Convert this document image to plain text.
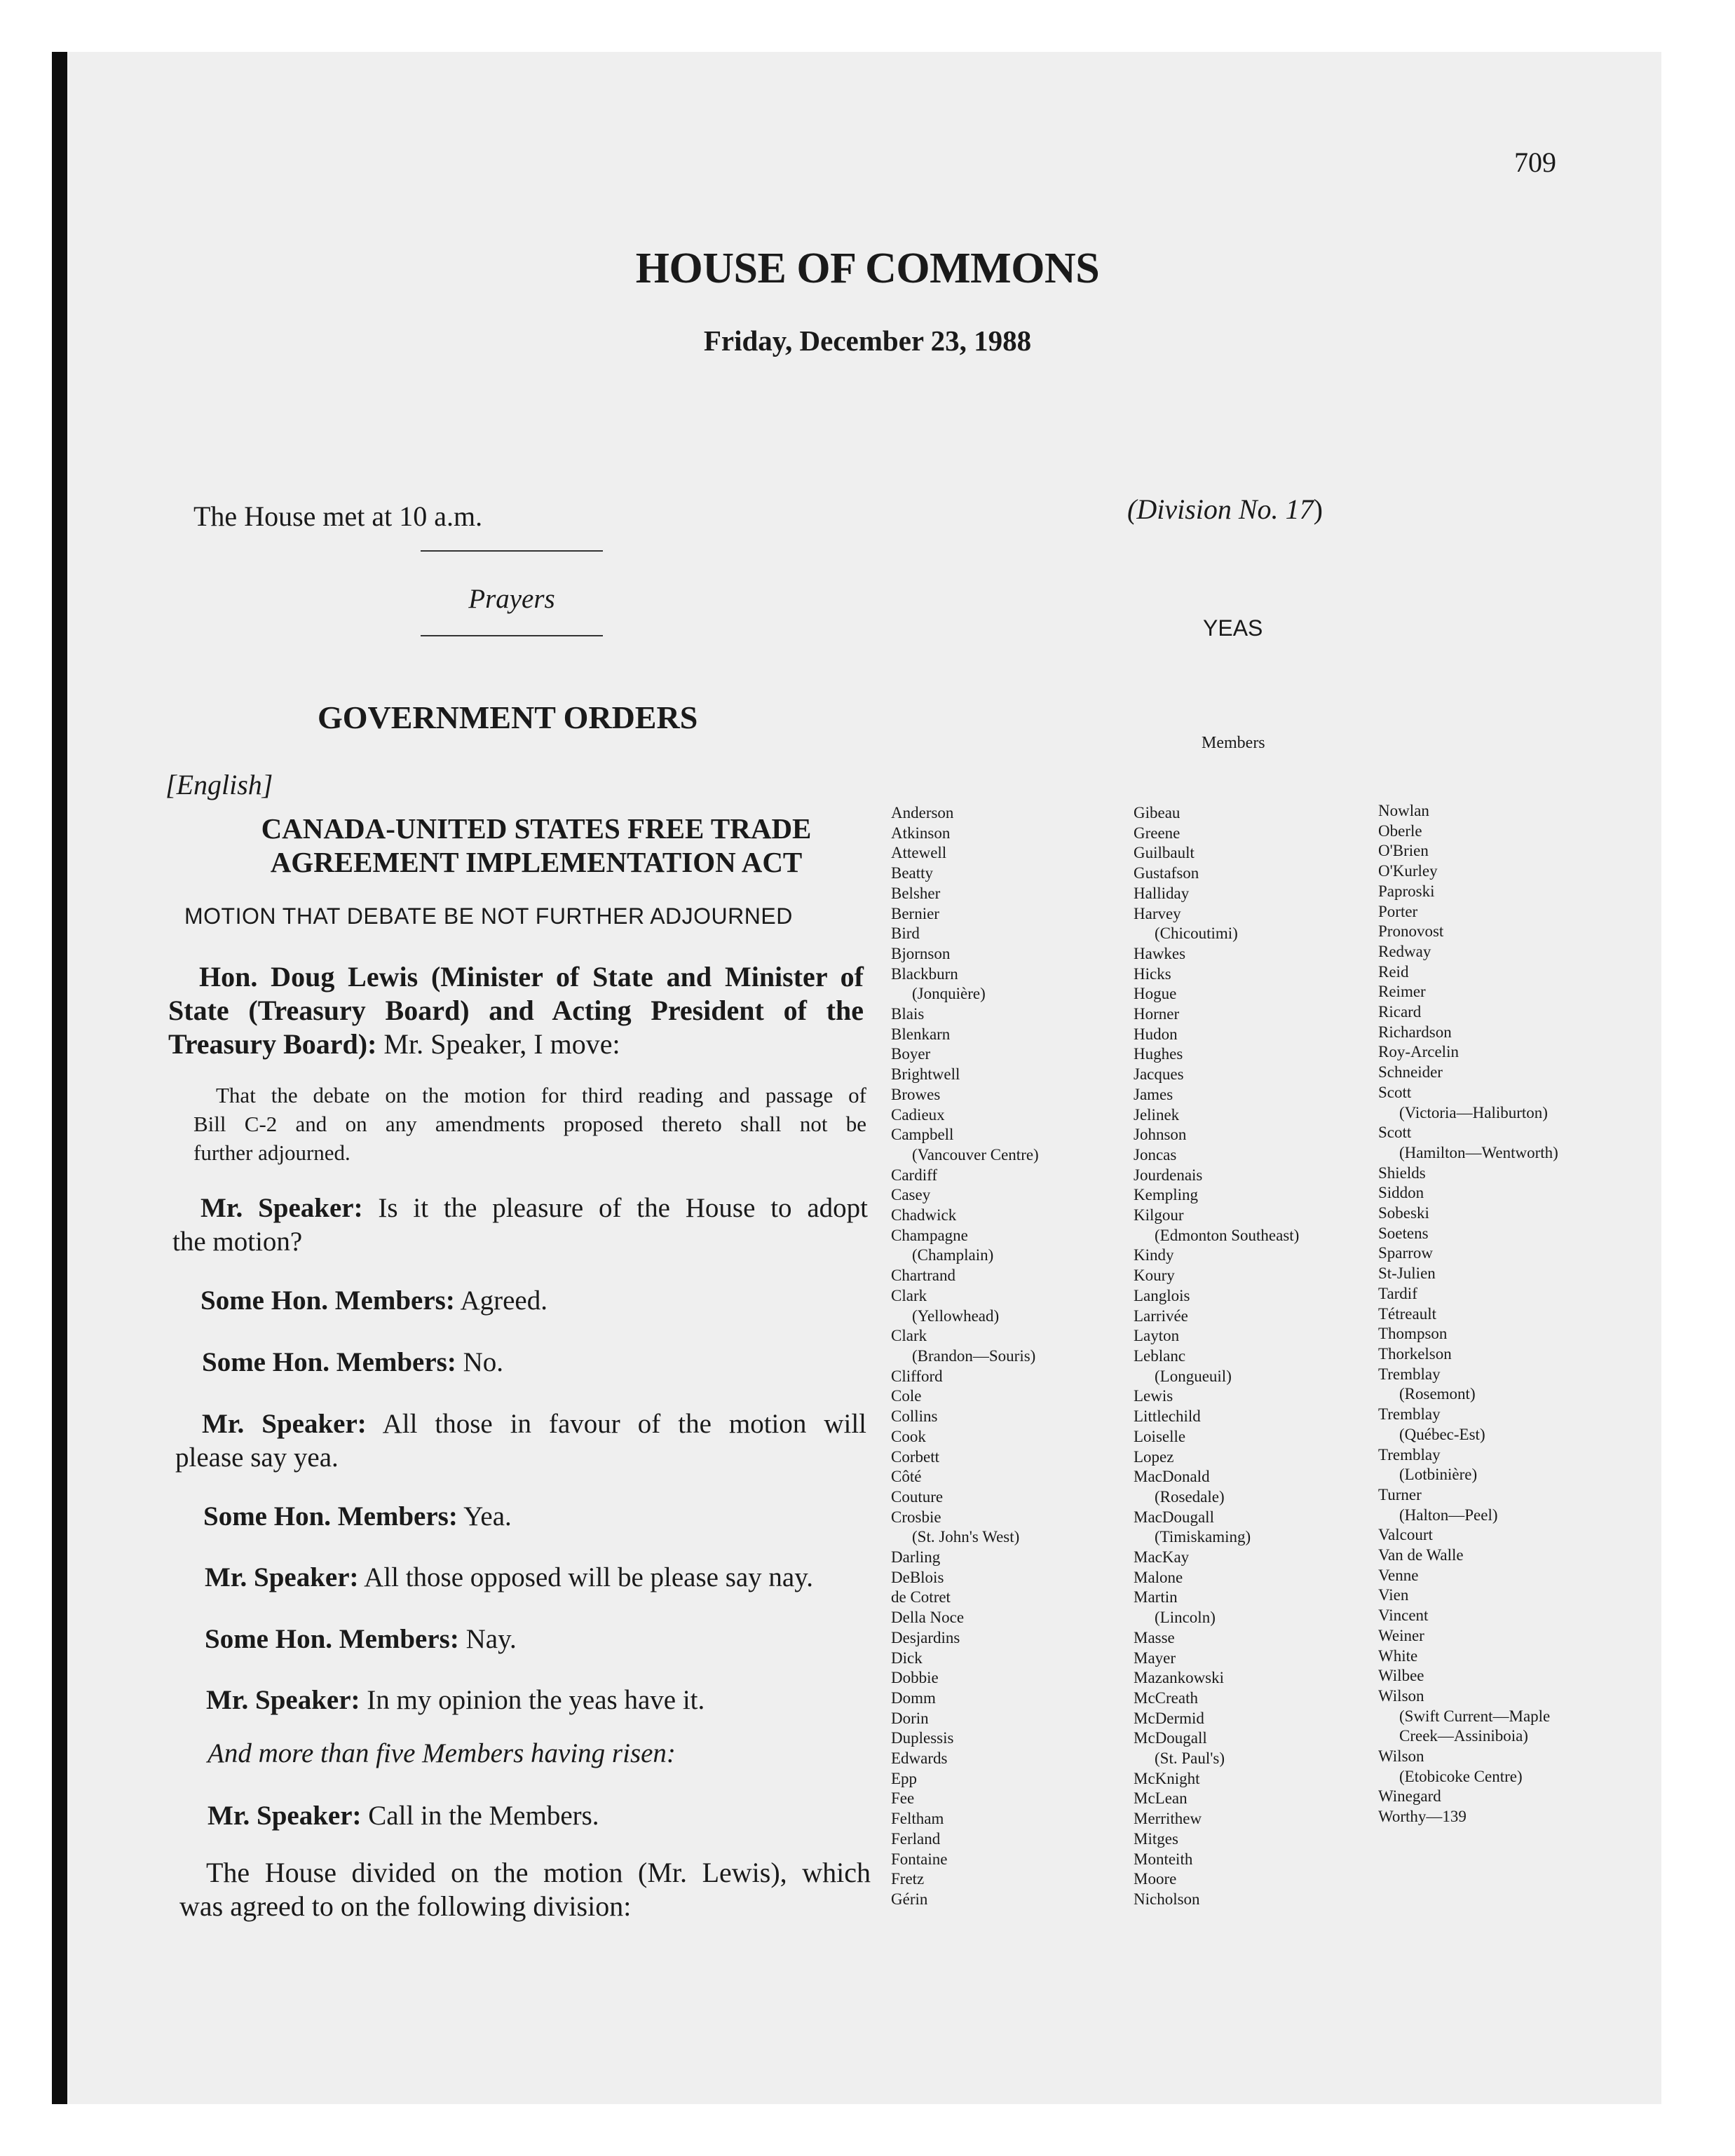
709
HOUSE OF COMMONS
Friday, December 23, 1988
The House met at 10 a.m.
Prayers
GOVERNMENT ORDERS
[English]
CANADA-UNITED STATES FREE TRADE
AGREEMENT IMPLEMENTATION ACT
MOTION THAT DEBATE BE NOT FURTHER ADJOURNED
Hon. Doug Lewis (Minister of State and Minister of
State (Treasury Board) and Acting President of the
Treasury Board): Mr. Speaker, I move:
That the debate on the motion for third reading and passage of
Bill C-2 and on any amendments proposed thereto shall not be
further adjourned.
Mr. Speaker: Is it the pleasure of the House to adopt
the motion?
Some Hon. Members: Agreed.
Some Hon. Members: No.
Mr. Speaker: All those in favour of the motion will
please say yea.
Some Hon. Members: Yea.
Mr. Speaker: All those opposed will be please say nay.
Some Hon. Members: Nay.
Mr. Speaker: In my opinion the yeas have it.
And more than five Members having risen:
Mr. Speaker: Call in the Members.
The House divided on the motion (Mr. Lewis), which
was agreed to on the following division:
(Division No. 17)
YEAS
Members
Anderson
Atkinson
Attewell
Beatty
Belsher
Bernier
Bird
Bjornson
Blackburn
(Jonquière)
Blais
Blenkarn
Boyer
Brightwell
Browes
Cadieux
Campbell
(Vancouver Centre)
Cardiff
Casey
Chadwick
Champagne
(Champlain)
Chartrand
Clark
(Yellowhead)
Clark
(Brandon—Souris)
Clifford
Cole
Collins
Cook
Corbett
Côté
Couture
Crosbie
(St. John's West)
Darling
DeBlois
de Cotret
Della Noce
Desjardins
Dick
Dobbie
Domm
Dorin
Duplessis
Edwards
Epp
Fee
Feltham
Ferland
Fontaine
Fretz
Gérin
Gibeau
Greene
Guilbault
Gustafson
Halliday
Harvey
(Chicoutimi)
Hawkes
Hicks
Hogue
Horner
Hudon
Hughes
Jacques
James
Jelinek
Johnson
Joncas
Jourdenais
Kempling
Kilgour
(Edmonton Southeast)
Kindy
Koury
Langlois
Larrivée
Layton
Leblanc
(Longueuil)
Lewis
Littlechild
Loiselle
Lopez
MacDonald
(Rosedale)
MacDougall
(Timiskaming)
MacKay
Malone
Martin
(Lincoln)
Masse
Mayer
Mazankowski
McCreath
McDermid
McDougall
(St. Paul's)
McKnight
McLean
Merrithew
Mitges
Monteith
Moore
Nicholson
Nowlan
Oberle
O'Brien
O'Kurley
Paproski
Porter
Pronovost
Redway
Reid
Reimer
Ricard
Richardson
Roy-Arcelin
Schneider
Scott
(Victoria—Haliburton)
Scott
(Hamilton—Wentworth)
Shields
Siddon
Sobeski
Soetens
Sparrow
St-Julien
Tardif
Tétreault
Thompson
Thorkelson
Tremblay
(Rosemont)
Tremblay
(Québec-Est)
Tremblay
(Lotbinière)
Turner
(Halton—Peel)
Valcourt
Van de Walle
Venne
Vien
Vincent
Weiner
White
Wilbee
Wilson
(Swift Current—Maple
Creek—Assiniboia)
Wilson
(Etobicoke Centre)
Winegard
Worthy—139
